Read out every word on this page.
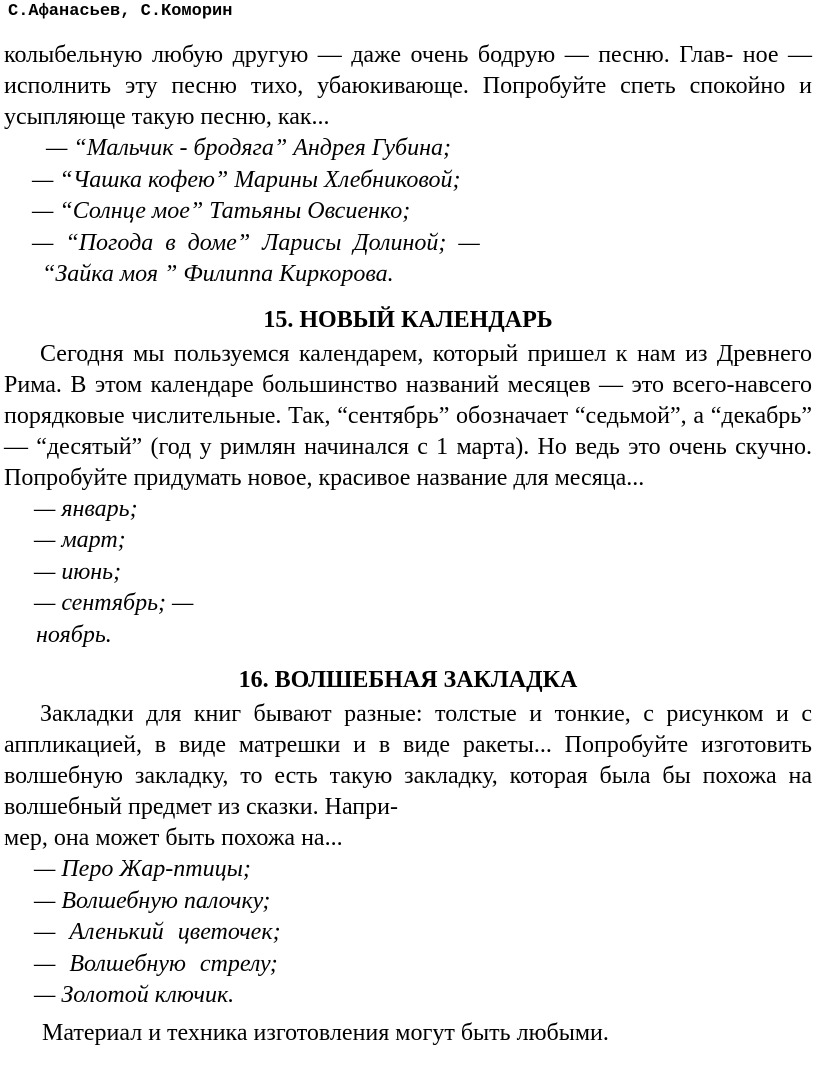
С.Афанасьев, С.Коморин

колыбельную любую другую — даже очень бодрую — песню. Глав- ное — исполнить эту песню тихо, убаюкивающе. Попробуйте спеть спокойно и усыпляюще такую песню, как...

— “Мальчик - бродяга” Андрея Губина;
— “Чашка кофею” Марины Хлебниковой;
— “Солнце мое” Татьяны Овсиенко;
— “Погода в доме” Ларисы Долиной; —
“Зайка моя ” Филиппа Киркорова.
15. НОВЫЙ КАЛЕНДАРЬ

Сегодня мы пользуемся календарем, который пришел к нам из Древнего Рима. В этом календаре большинство названий месяцев — это всего-навсего порядковые числительные. Так, “сентябрь” обозначает “седьмой”, а “декабрь” — “десятый” (год у римлян начинался с 1 марта). Но ведь это очень скучно. Попробуйте придумать новое, красивое название для месяца...

— январь;
— март;
— июнь;
— сентябрь; —
ноябрь.
16. ВОЛШЕБНАЯ ЗАКЛАДКА

Закладки для книг бывают разные: толстые и тонкие, с рисунком и с аппликацией, в виде матрешки и в виде ракеты... Попробуйте изготовить волшебную закладку, то есть такую закладку, которая была бы похожа на волшебный предмет из сказки. Напри-

мер, она может быть похожа на...

— Перо Жар-птицы;
— Волшебную палочку;
— Аленький цветочек;
— Волшебную стрелу;
— Золотой ключик.

Материал и техника изготовления могут быть любыми.
